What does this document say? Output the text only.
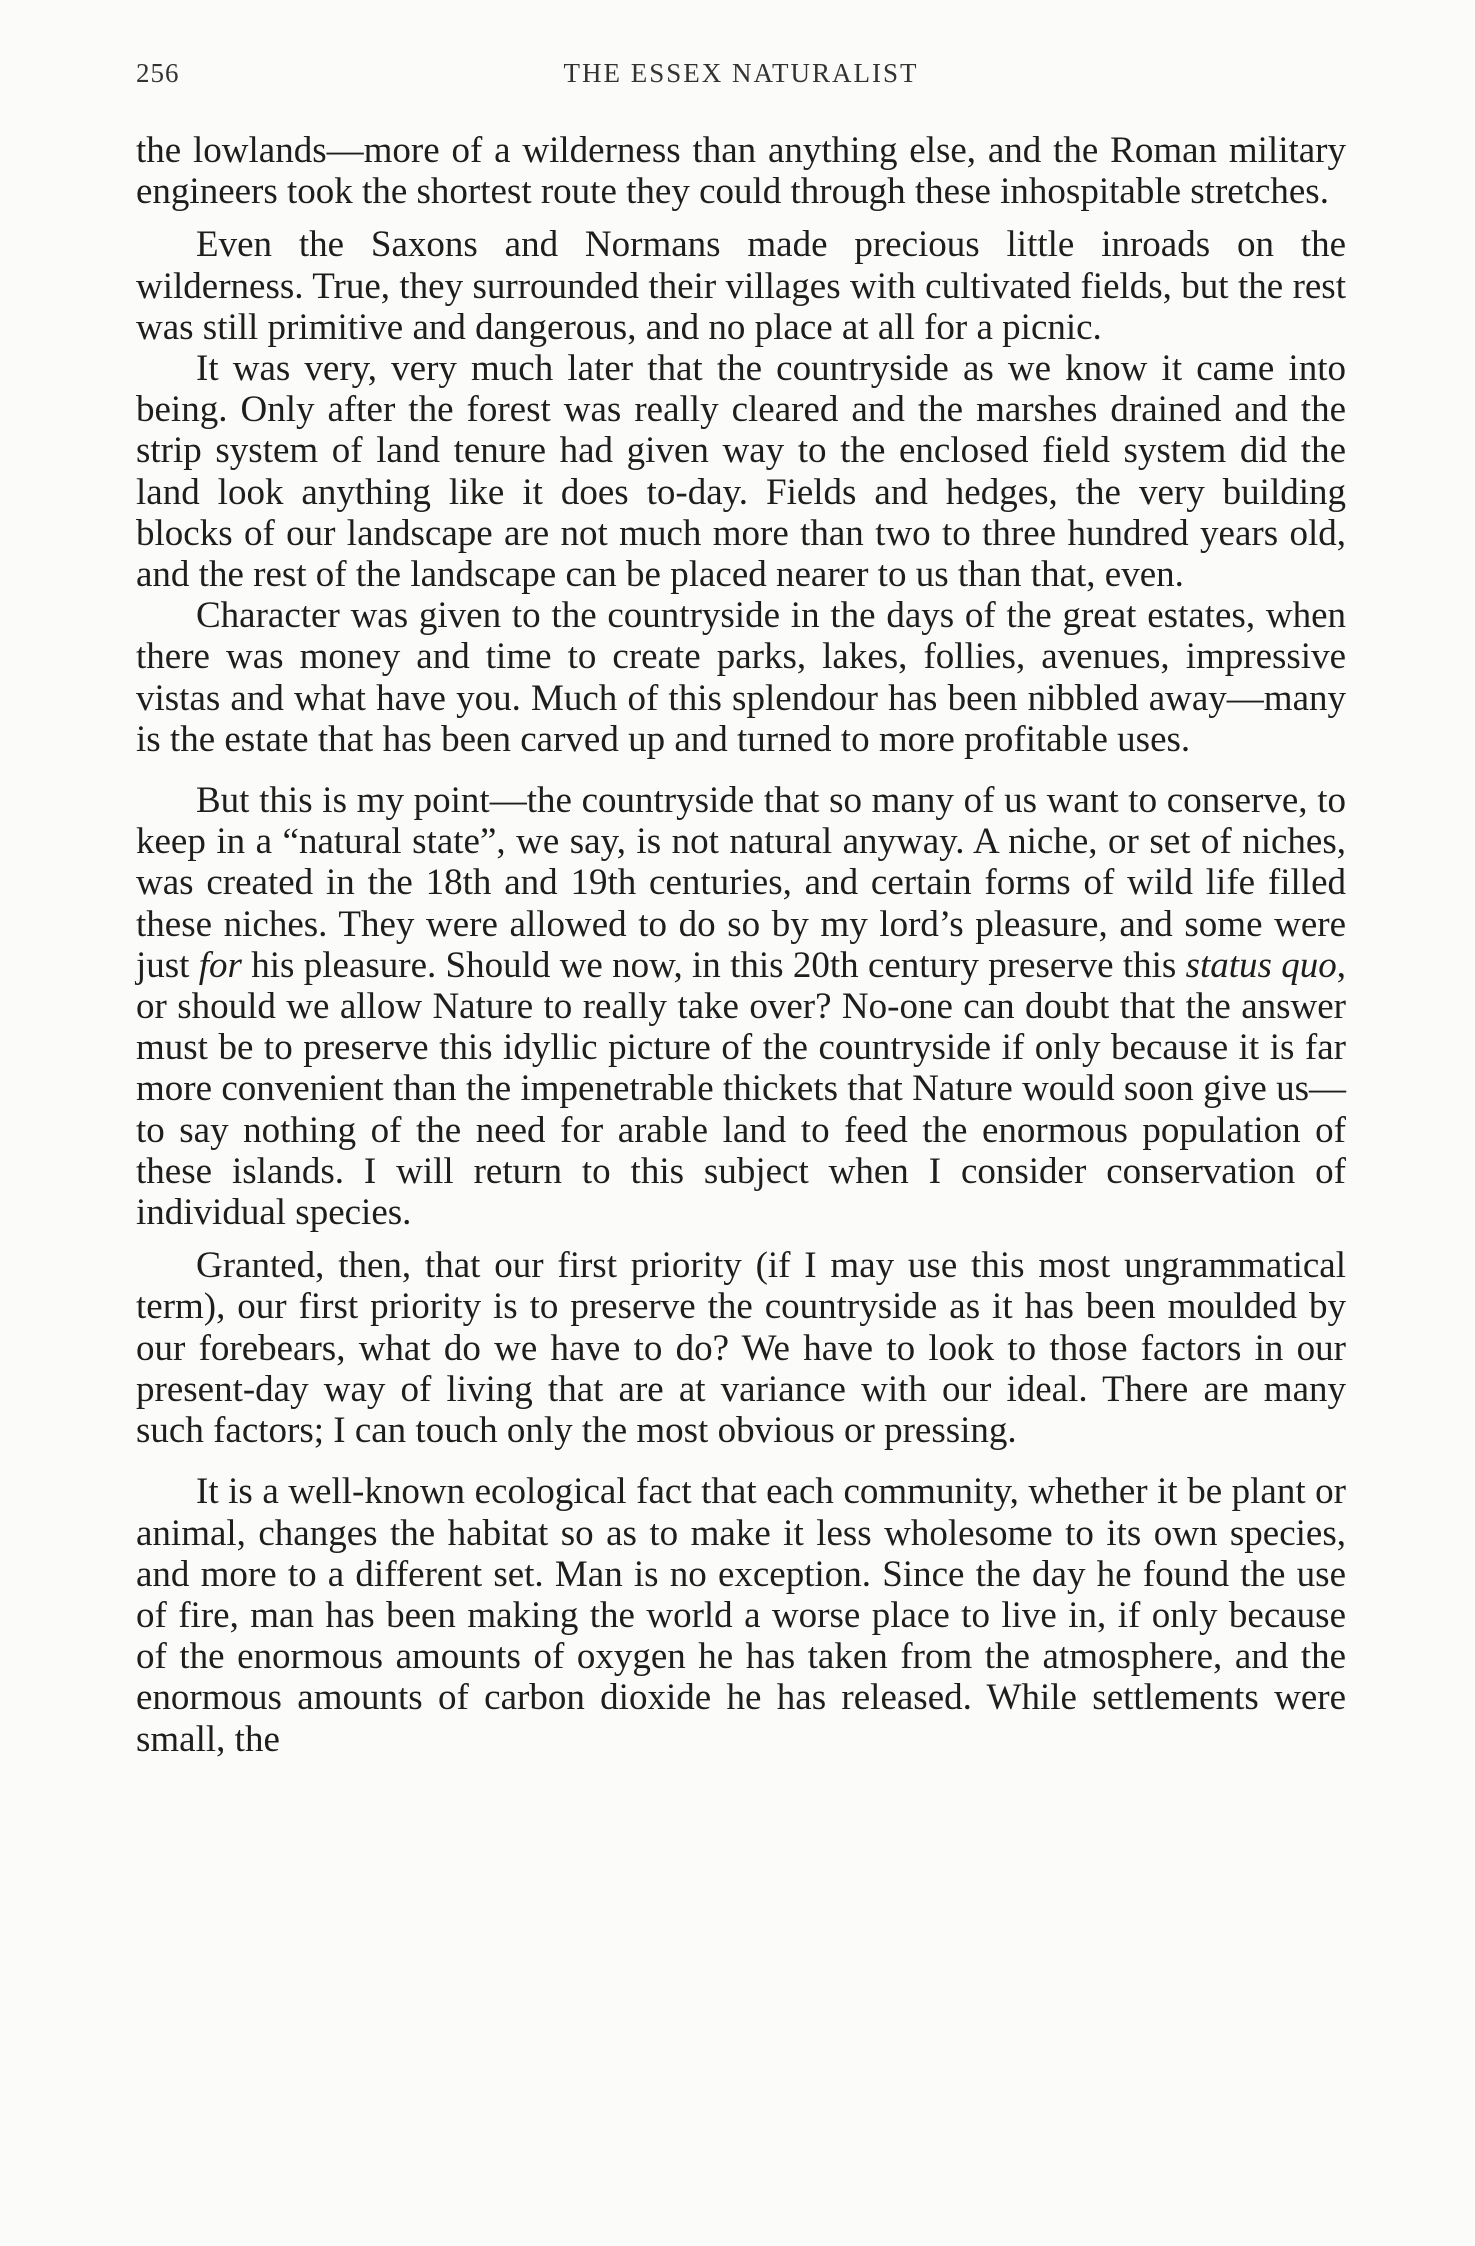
256	THE ESSEX NATURALIST

the lowlands—more of a wilderness than anything else, and the Roman military engineers took the shortest route they could through these inhospitable stretches.

Even the Saxons and Normans made precious little inroads on the wilderness. True, they surrounded their villages with cultivated fields, but the rest was still primitive and dangerous, and no place at all for a picnic.

It was very, very much later that the countryside as we know it came into being. Only after the forest was really cleared and the marshes drained and the strip system of land tenure had given way to the enclosed field system did the land look anything like it does to-day. Fields and hedges, the very building blocks of our landscape are not much more than two to three hundred years old, and the rest of the landscape can be placed nearer to us than that, even.

Character was given to the countryside in the days of the great estates, when there was money and time to create parks, lakes, follies, avenues, impressive vistas and what have you. Much of this splendour has been nibbled away—many is the estate that has been carved up and turned to more profitable uses.

But this is my point—the countryside that so many of us want to conserve, to keep in a “natural state”, we say, is not natural anyway. A niche, or set of niches, was created in the 18th and 19th centuries, and certain forms of wild life filled these niches. They were allowed to do so by my lord’s pleasure, and some were just for his pleasure. Should we now, in this 20th century preserve this status quo, or should we allow Nature to really take over? No-one can doubt that the answer must be to preserve this idyllic picture of the countryside if only because it is far more convenient than the impenetrable thickets that Nature would soon give us—to say nothing of the need for arable land to feed the enormous population of these islands. I will return to this subject when I consider conservation of individual species.

Granted, then, that our first priority (if I may use this most ungrammatical term), our first priority is to preserve the countryside as it has been moulded by our forebears, what do we have to do? We have to look to those factors in our present-day way of living that are at variance with our ideal. There are many such factors; I can touch only the most obvious or pressing.

It is a well-known ecological fact that each community, whether it be plant or animal, changes the habitat so as to make it less wholesome to its own species, and more to a different set. Man is no exception. Since the day he found the use of fire, man has been making the world a worse place to live in, if only because of the enormous amounts of oxygen he has taken from the atmosphere, and the enormous amounts of carbon dioxide he has released. While settlements were small, the
